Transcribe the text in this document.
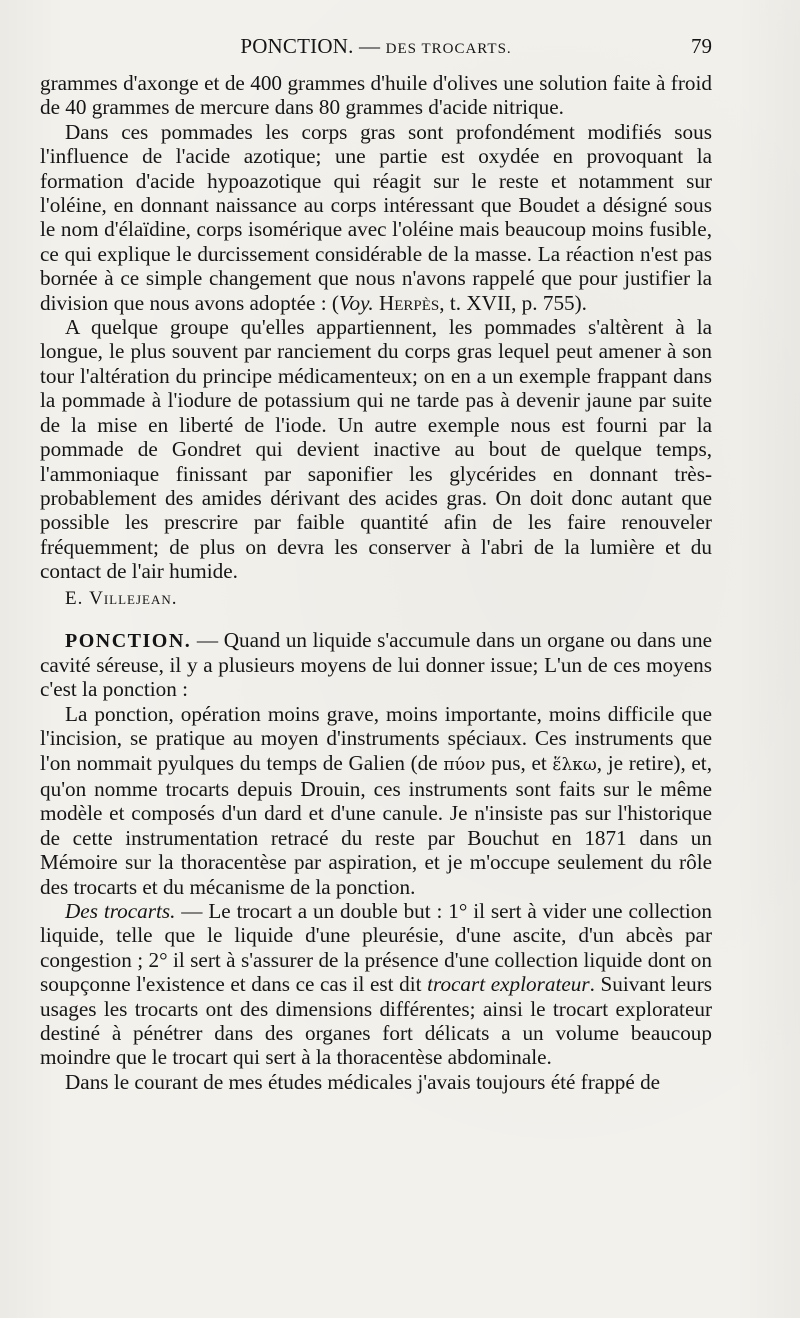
PONCTION. — DES TROCARTS.	79

grammes d'axonge et de 400 grammes d'huile d'olives une solution faite à froid de 40 grammes de mercure dans 80 grammes d'acide nitrique.

Dans ces pommades les corps gras sont profondément modifiés sous l'influence de l'acide azotique; une partie est oxydée en provoquant la formation d'acide hypoazotique qui réagit sur le reste et notamment sur l'oléine, en donnant naissance au corps intéressant que Boudet a désigné sous le nom d'élaïdine, corps isomérique avec l'oléine mais beaucoup moins fusible, ce qui explique le durcissement considérable de la masse. La réaction n'est pas bornée à ce simple changement que nous n'avons rappelé que pour justifier la division que nous avons adoptée : (Voy. Herpès, t. XVII, p. 755).

A quelque groupe qu'elles appartiennent, les pommades s'altèrent à la longue, le plus souvent par ranciement du corps gras lequel peut amener à son tour l'altération du principe médicamenteux; on en a un exemple frappant dans la pommade à l'iodure de potassium qui ne tarde pas à devenir jaune par suite de la mise en liberté de l'iode. Un autre exemple nous est fourni par la pommade de Gondret qui devient inactive au bout de quelque temps, l'ammoniaque finissant par saponifier les glycérides en donnant très-probablement des amides dérivant des acides gras. On doit donc autant que possible les prescrire par faible quantité afin de les faire renouveler fréquemment; de plus on devra les conserver à l'abri de la lumière et du contact de l'air humide.

E. Villejean.

PONCTION. — Quand un liquide s'accumule dans un organe ou dans une cavité séreuse, il y a plusieurs moyens de lui donner issue; L'un de ces moyens c'est la ponction :

La ponction, opération moins grave, moins importante, moins difficile que l'incision, se pratique au moyen d'instruments spéciaux. Ces instruments que l'on nommait pyulques du temps de Galien (de πύον pus, et ἕλκω, je retire), et, qu'on nomme trocarts depuis Drouin, ces instruments sont faits sur le même modèle et composés d'un dard et d'une canule. Je n'insiste pas sur l'historique de cette instrumentation retracé du reste par Bouchut en 1871 dans un Mémoire sur la thoracentèse par aspiration, et je m'occupe seulement du rôle des trocarts et du mécanisme de la ponction.

Des trocarts. — Le trocart a un double but : 1° il sert à vider une collection liquide, telle que le liquide d'une pleurésie, d'une ascite, d'un abcès par congestion ; 2° il sert à s'assurer de la présence d'une collection liquide dont on soupçonne l'existence et dans ce cas il est dit trocart explorateur. Suivant leurs usages les trocarts ont des dimensions différentes; ainsi le trocart explorateur destiné à pénétrer dans des organes fort délicats a un volume beaucoup moindre que le trocart qui sert à la thoracentèse abdominale.

Dans le courant de mes études médicales j'avais toujours été frappé de
